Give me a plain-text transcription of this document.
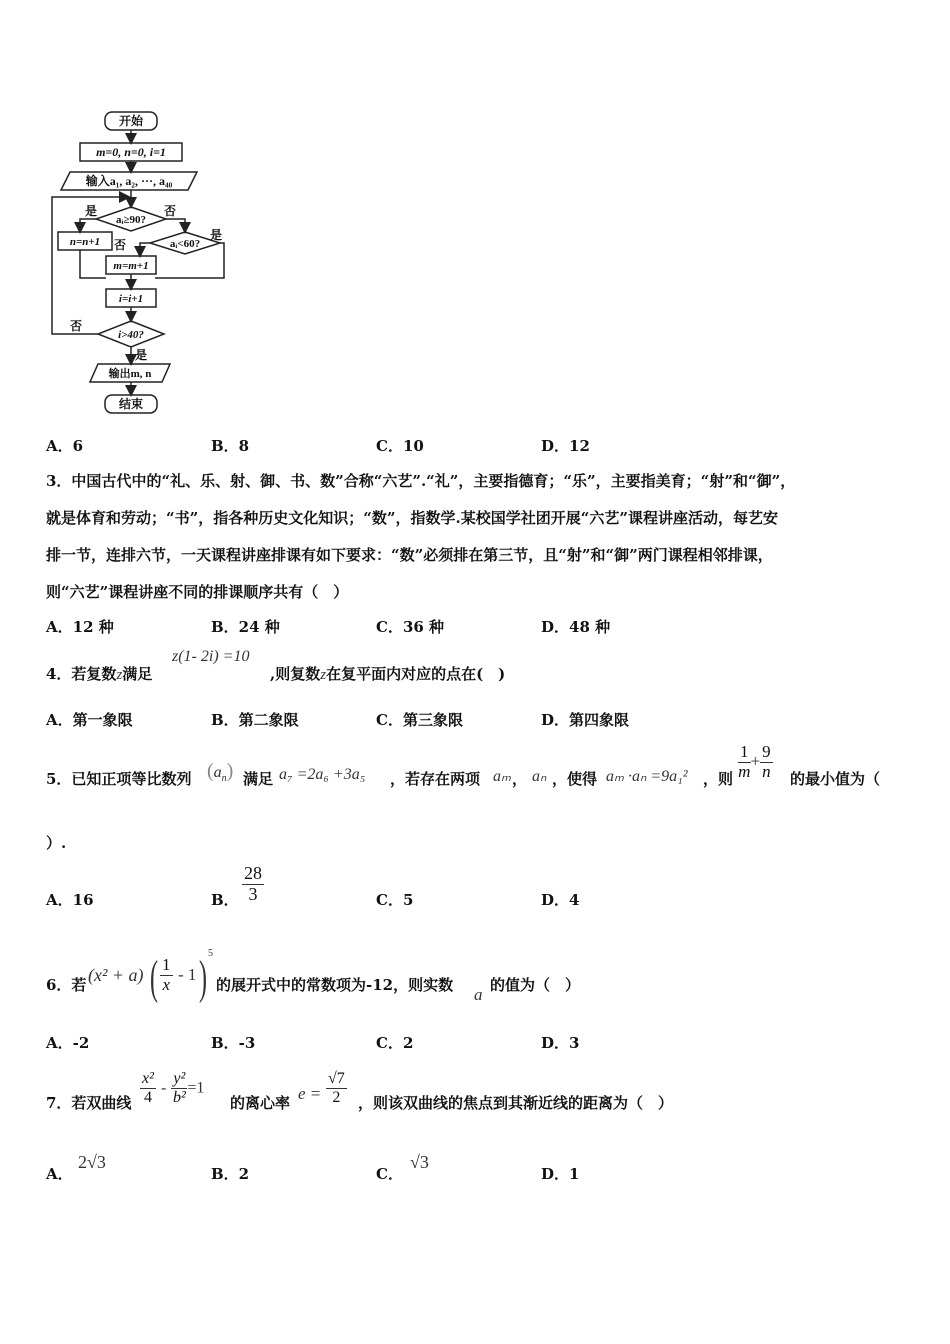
开始
m=0, n=0, i=1
输入a₁, a₂, ···, a₄₀
aᵢ≥90?
是	否
n=n+1	aᵢ<60?
否
是
m=m+1
i=i+1
i>40?
否
是
输出m, n
结束
A．6	B．8	C．10	D．12
3．中国古代中的“礼、乐、射、御、书、数”合称“六艺”.“礼”，主要指德育；“乐”，主要指美育；“射”和“御”，
就是体育和劳动；“书”，指各种历史文化知识；“数”，指数学.某校国学社团开展“六艺”课程讲座活动，每艺安
排一节，连排六节，一天课程讲座排课有如下要求：“数”必须排在第三节，且“射”和“御”两门课程相邻排课，
则“六艺”课程讲座不同的排课顺序共有（　）
A．12 种	B．24 种	C．36 种	D．48 种
4．若复数z满足
z(1- 2i) =10
,则复数z在复平面内对应的点在(　)
A．第一象限	B．第二象限	C．第三象限	D．第四象限
5．已知正项等比数列 $(a_n)$ 满足 a₇ =2a₆ +3a₅ ，若存在两项 aₘ ， aₙ ，使得 aₘ ·aₙ =9a₁² ，则 $\frac{1}{m} + \frac{9}{n}$ 的最小值为（
）.
A．16	B． $\frac{28}{3}$	C．5	D．4
6．若 (x² + a) ( $\frac{1}{x} - 1$ ) 5
的展开式中的常数项为-12，则实数 a 的值为（　）
A．-2	B．-3	C．2	D．3
7．若双曲线 $\frac{\text{x²}}{4} - \frac{\text{y²}}{\text{b²}} =1$
的离心率 $e = \frac{√7}{2}$ ，则该双曲线的焦点到其渐近线的距离为（　）
A．
2√3
B．2	C．
√3
D．1
